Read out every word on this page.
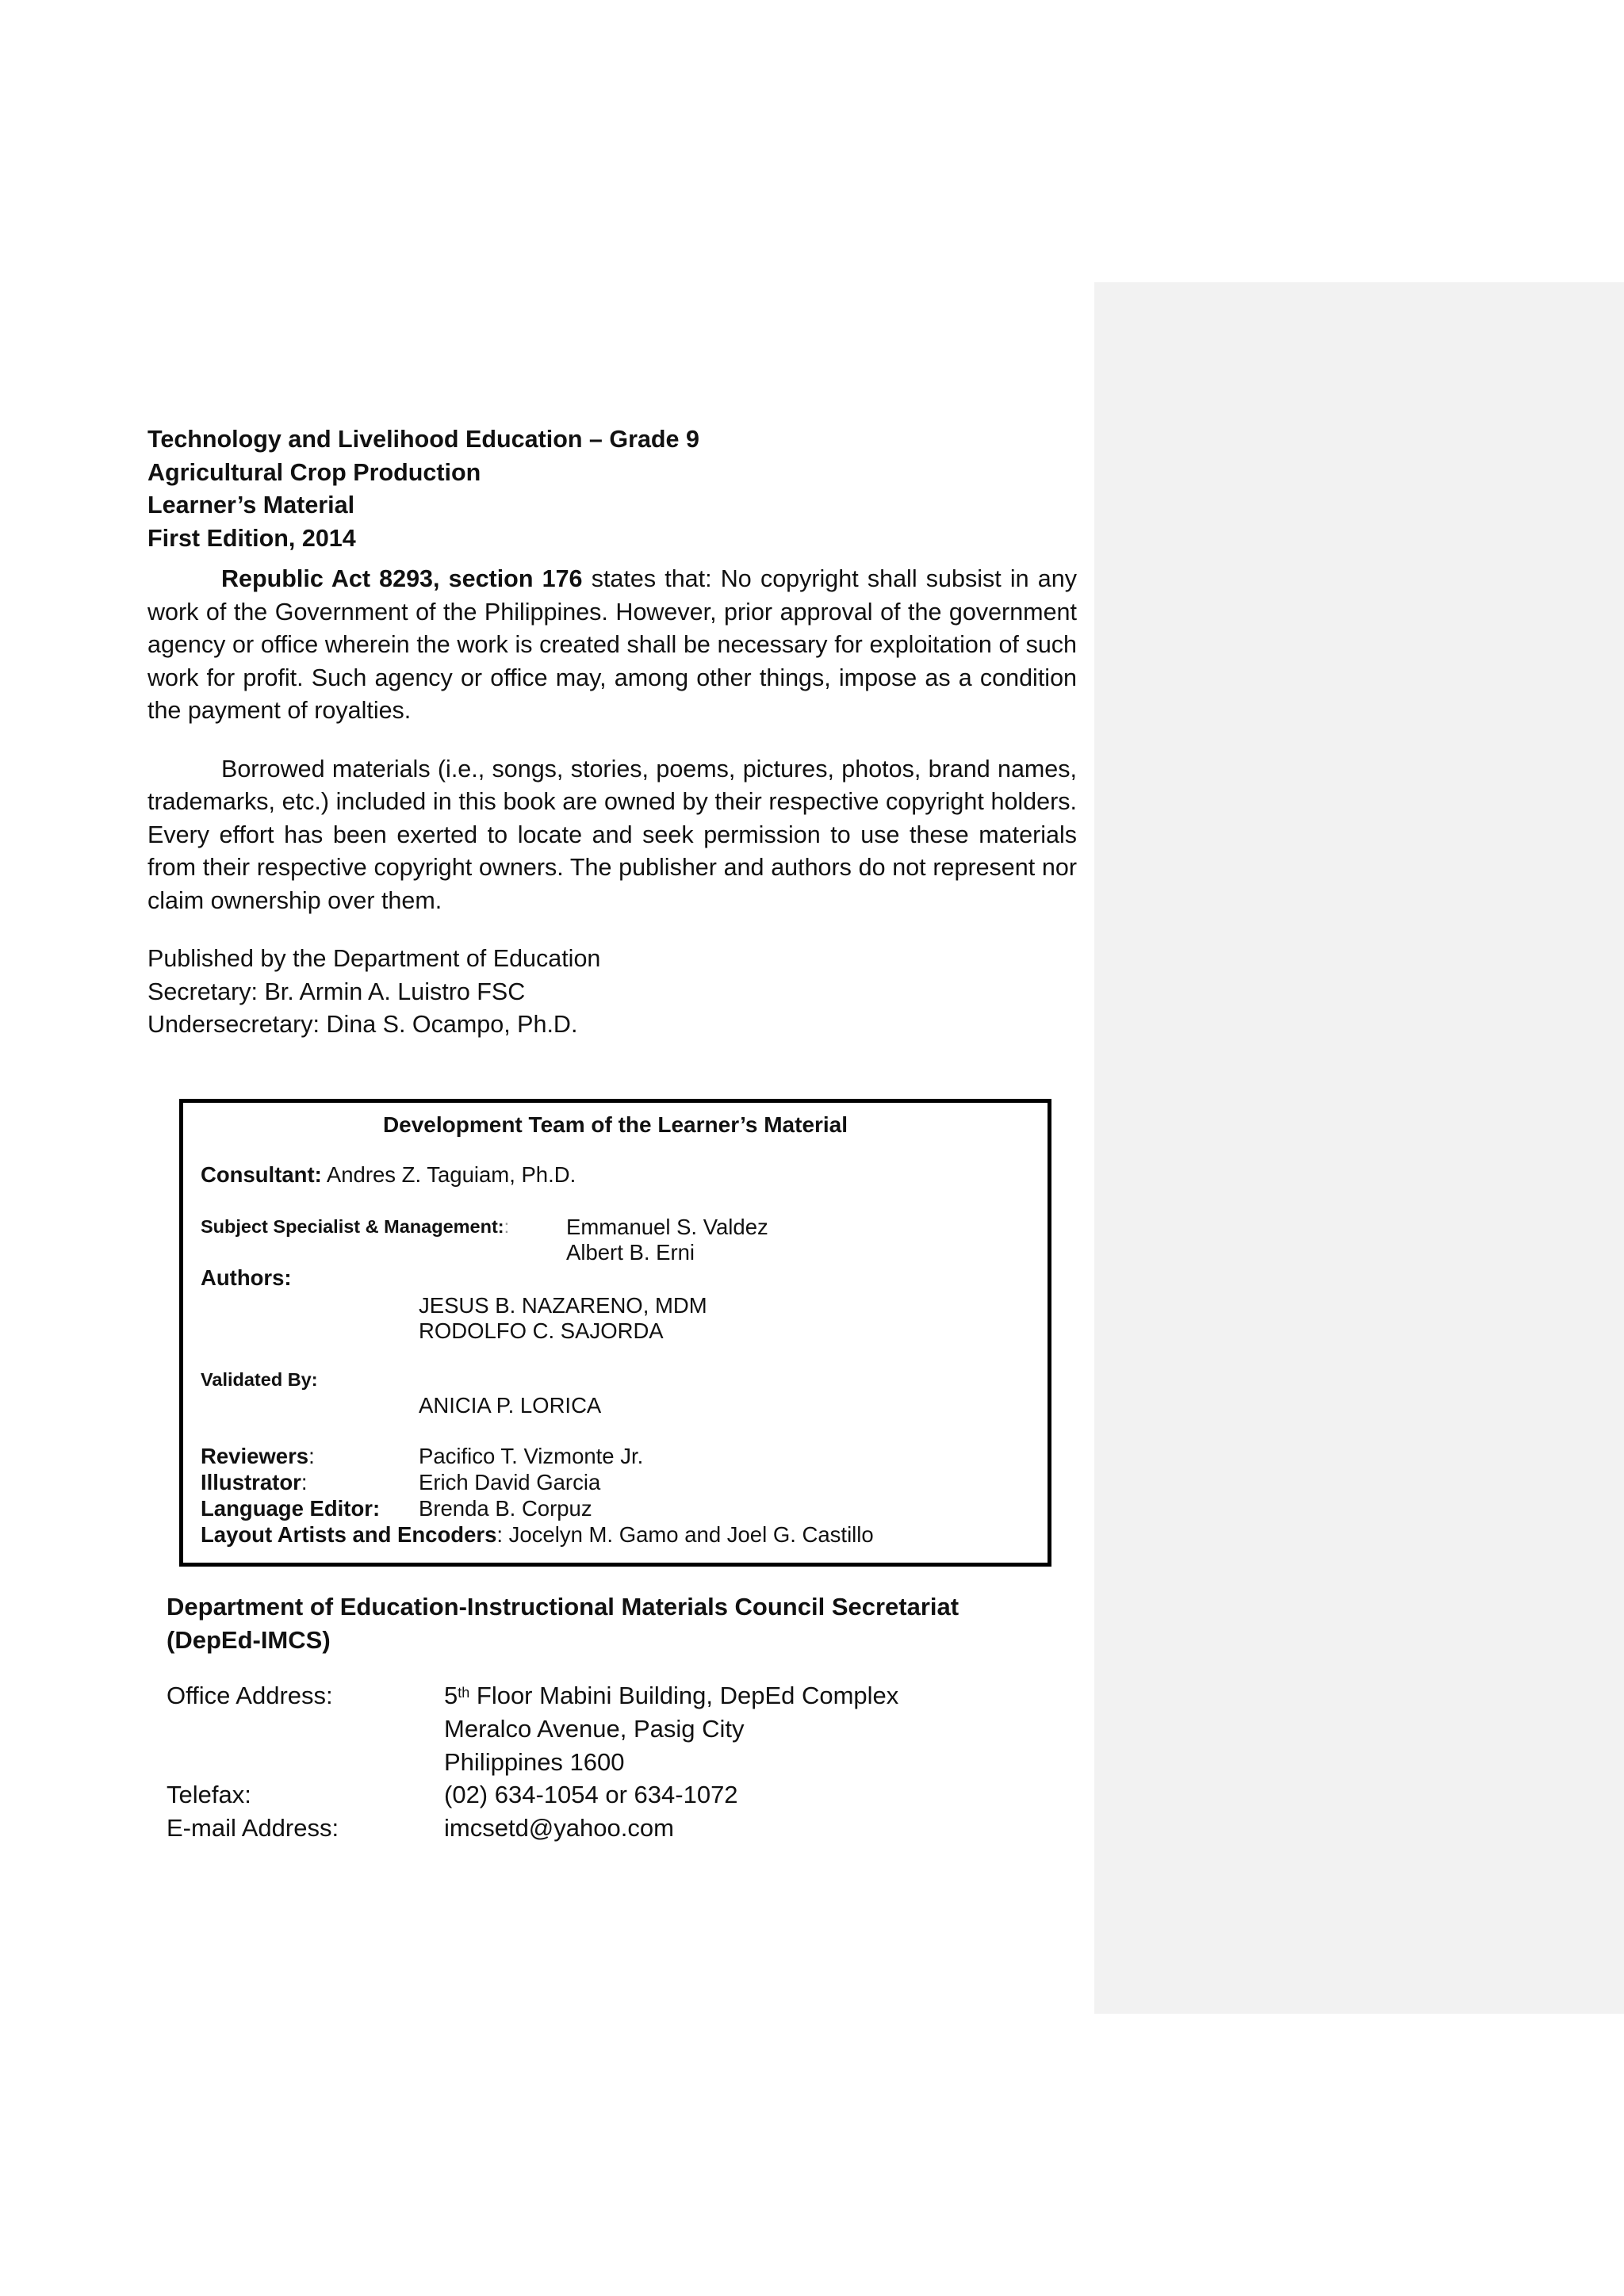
Technology and Livelihood Education – Grade 9
Agricultural Crop Production
Learner’s Material
First Edition, 2014

Republic Act 8293, section 176 states that: No copyright shall subsist in any work of the Government of the Philippines. However, prior approval of the government agency or office wherein the work is created shall be necessary for exploitation of such work for profit. Such agency or office may, among other things, impose as a condition the payment of royalties.

Borrowed materials (i.e., songs, stories, poems, pictures, photos, brand names, trademarks, etc.) included in this book are owned by their respective copyright holders. Every effort has been exerted to locate and seek permission to use these materials from their respective copyright owners. The publisher and authors do not represent nor claim ownership over them.

Published by the Department of Education
Secretary: Br. Armin A. Luistro FSC
Undersecretary: Dina S. Ocampo, Ph.D.
Development Team of the Learner’s Material
Consultant: Andres Z. Taguiam, Ph.D.
Subject Specialist & Management::	Emmanuel S. Valdez
Albert B. Erni
Authors:
JESUS B. NAZARENO, MDM
RODOLFO C. SAJORDA
Validated By:
ANICIA P. LORICA
Reviewers:	Pacifico T. Vizmonte Jr.
Illustrator:	Erich David Garcia
Language Editor: Brenda B. Corpuz
Layout Artists and Encoders: Jocelyn M. Gamo and Joel G. Castillo
Department of Education-Instructional Materials Council Secretariat
(DepEd-IMCS)
Office Address:	5th Floor Mabini Building, DepEd Complex
Meralco Avenue, Pasig City
Philippines 1600
Telefax:	(02) 634-1054 or 634-1072
E-mail Address:	imcsetd@yahoo.com
